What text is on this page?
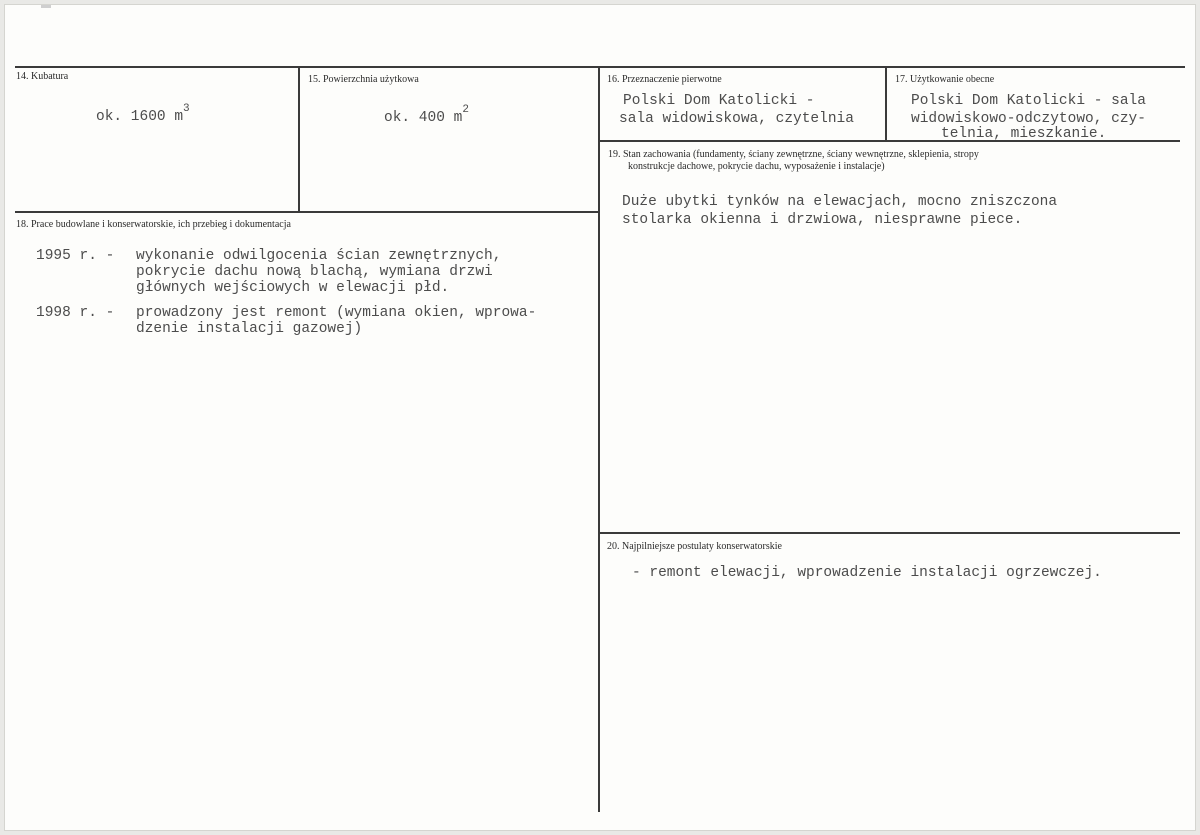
14. Kubatura
ok. 1600 $m^3$
15. Powierzchnia użytkowa
ok. 400 $m^2$
16. Przeznaczenie pierwotne
Polski Dom Katolicki -
sala widowiskowa, czytelnia
17. Użytkowanie obecne
Polski Dom Katolicki - sala
widowiskowo-odczytowo, czy-
telnia, mieszkanie.
18. Prace budowlane i konserwatorskie, ich przebieg i dokumentacja
1995 r. - wykonanie odwilgocenia ścian zewnętrznych,
pokrycie dachu nową blachą, wymiana drzwi
głównych wejściowych w elewacji płd.
1998 r. - prowadzony jest remont (wymiana okien, wprowa-
dzenie instalacji gazowej)
19. Stan zachowania (fundamenty, ściany zewnętrzne, ściany wewnętrzne, sklepienia, stropy
konstrukcje dachowe, pokrycie dachu, wyposażenie i instalacje)
Duże ubytki tynków na elewacjach, mocno zniszczona
stolarka okienna i drzwiowa, niesprawne piece.
20. Najpilniejsze postulaty konserwatorskie
- remont elewacji, wprowadzenie instalacji ogrzewczej.
